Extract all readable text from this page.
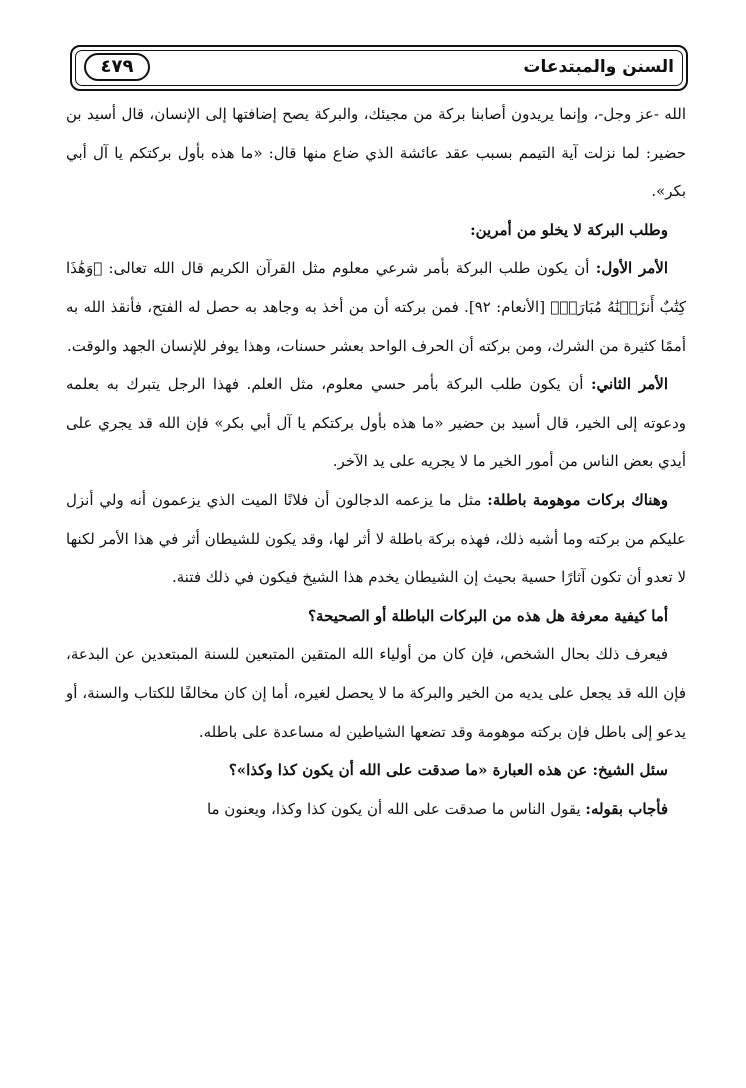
السنن والمبتدعات
٤٧٩

الله -عز وجل-، وإنما يريدون أصابنا بركة من مجيئك، والبركة يصح إضافتها إلى الإنسان، قال أسيد بن حضير: لما نزلت آية التيمم بسبب عقد عائشة الذي ضاع منها قال: «ما هذه بأول بركتكم يا آل أبي بكر».

وطلب البركة لا يخلو من أمرين:

الأمر الأول: أن يكون طلب البركة بأمر شرعي معلوم مثل القرآن الكريم قال الله تعالى: ﴿وَهَٰذَا كِتَٰبٌ أَنزَلۡنَٰهُ مُبَارَكٞ﴾ [الأنعام: ٩٢]. فمن بركته أن من أخذ به وجاهد به حصل له الفتح، فأنقذ الله به أممًا كثيرة من الشرك، ومن بركته أن الحرف الواحد بعشر حسنات، وهذا يوفر للإنسان الجهد والوقت.

الأمر الثاني: أن يكون طلب البركة بأمر حسي معلوم، مثل العلم. فهذا الرجل يتبرك به بعلمه ودعوته إلى الخير، قال أسيد بن حضير «ما هذه بأول بركتكم يا آل أبي بكر» فإن الله قد يجري على أيدي بعض الناس من أمور الخير ما لا يجريه على يد الآخر.

وهناك بركات موهومة باطلة: مثل ما يزعمه الدجالون أن فلانًا الميت الذي يزعمون أنه ولي أنزل عليكم من بركته وما أشبه ذلك، فهذه بركة باطلة لا أثر لها، وقد يكون للشيطان أثر في هذا الأمر لكنها لا تعدو أن تكون آثارًا حسية بحيث إن الشيطان يخدم هذا الشيخ فيكون في ذلك فتنة.

أما كيفية معرفة هل هذه من البركات الباطلة أو الصحيحة؟

فيعرف ذلك بحال الشخص، فإن كان من أولياء الله المتقين المتبعين للسنة المبتعدين عن البدعة، فإن الله قد يجعل على يديه من الخير والبركة ما لا يحصل لغيره، أما إن كان مخالفًا للكتاب والسنة، أو يدعو إلى باطل فإن بركته موهومة وقد تضعها الشياطين له مساعدة على باطله.

سئل الشيخ: عن هذه العبارة «ما صدقت على الله أن يكون كذا وكذا»؟

فأجاب بقوله: يقول الناس ما صدقت على الله أن يكون كذا وكذا، ويعنون ما
